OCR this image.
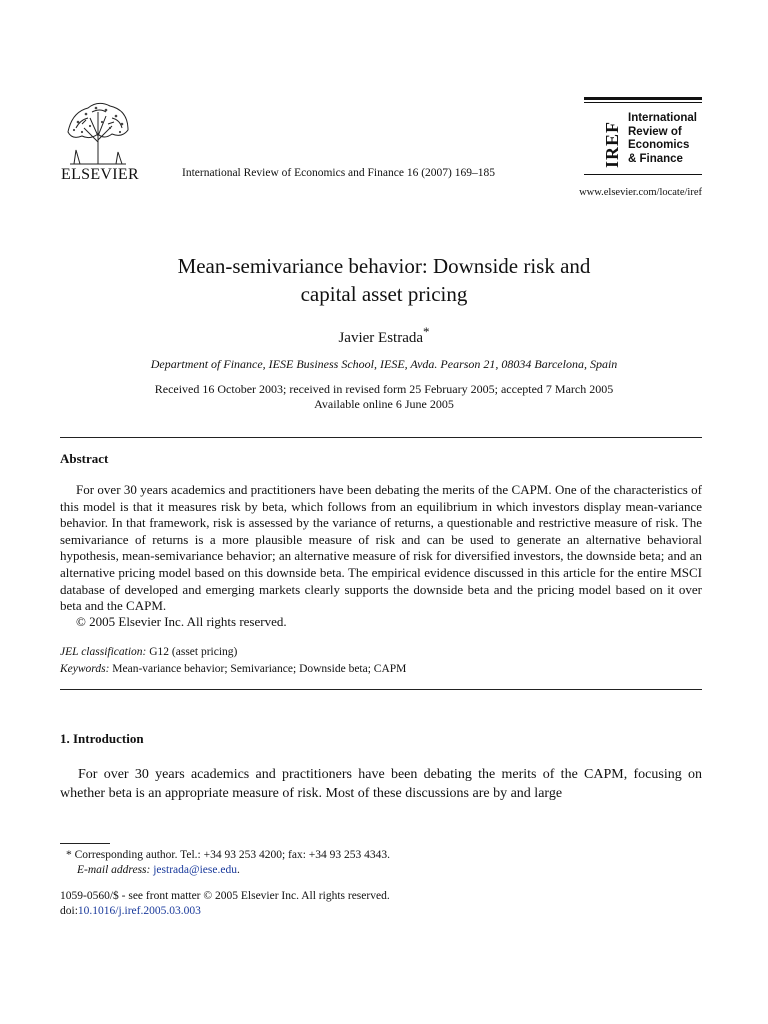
ELSEVIER	International Review of Economics and Finance 16 (2007) 169–185
IREF
International
Review of
Economics
& Finance
www.elsevier.com/locate/iref
Mean-semivariance behavior: Downside risk and
capital asset pricing
Javier Estrada*
Department of Finance, IESE Business School, IESE, Avda. Pearson 21, 08034 Barcelona, Spain
Received 16 October 2003; received in revised form 25 February 2005; accepted 7 March 2005
Available online 6 June 2005
Abstract
For over 30 years academics and practitioners have been debating the merits of the CAPM. One of the characteristics of this model is that it measures risk by beta, which follows from an equilibrium in which investors display mean-variance behavior. In that framework, risk is assessed by the variance of returns, a questionable and restrictive measure of risk. The semivariance of returns is a more plausible measure of risk and can be used to generate an alternative behavioral hypothesis, mean-semivariance behavior; an alternative measure of risk for diversified investors, the downside beta; and an alternative pricing model based on this downside beta. The empirical evidence discussed in this article for the entire MSCI database of developed and emerging markets clearly supports the downside beta and the pricing model based on it over beta and the CAPM.
© 2005 Elsevier Inc. All rights reserved.
JEL classification: G12 (asset pricing)
Keywords: Mean-variance behavior; Semivariance; Downside beta; CAPM
1. Introduction
For over 30 years academics and practitioners have been debating the merits of the CAPM, focusing on whether beta is an appropriate measure of risk. Most of these discussions are by and large
* Corresponding author. Tel.: +34 93 253 4200; fax: +34 93 253 4343.
E-mail address: jestrada@iese.edu.
1059-0560/$ - see front matter © 2005 Elsevier Inc. All rights reserved.
doi:10.1016/j.iref.2005.03.003
